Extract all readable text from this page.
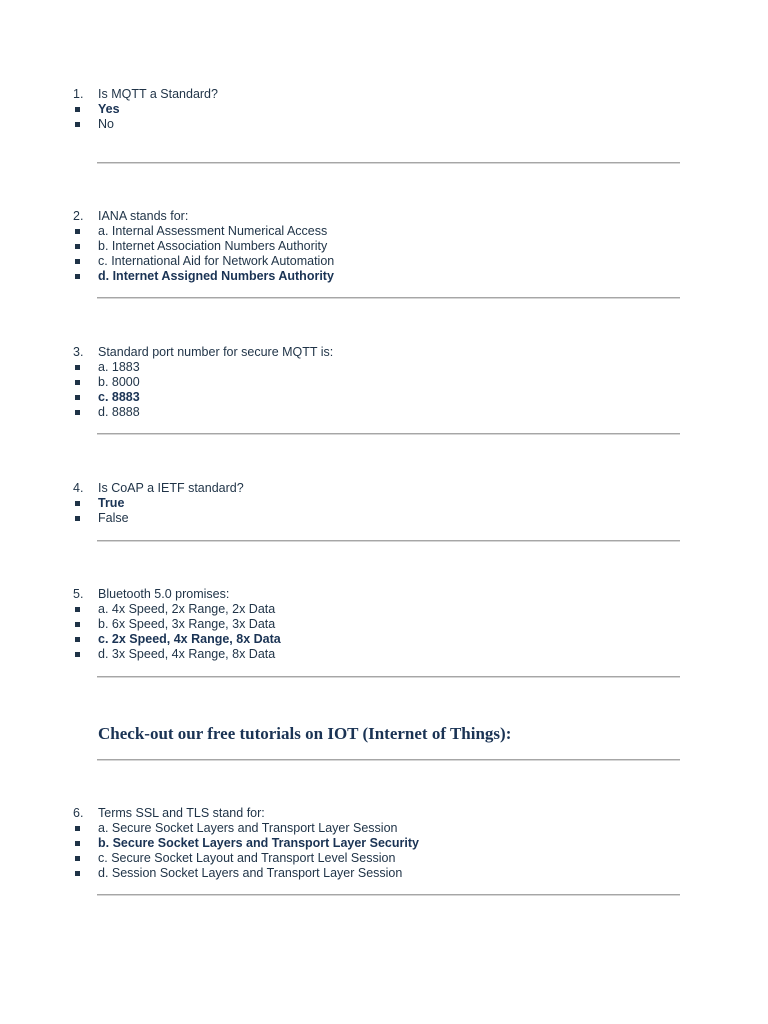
1.	Is MQTT a Standard?
Yes
No
2.	IANA stands for:
a. Internal Assessment Numerical Access
b. Internet Association Numbers Authority
c. International Aid for Network Automation
d. Internet Assigned Numbers Authority
3.	Standard port number for secure MQTT is:
a. 1883
b. 8000
c. 8883
d. 8888
4.	Is CoAP a IETF standard?
True
False
5.	Bluetooth 5.0 promises:
a. 4x Speed, 2x Range, 2x Data
b. 6x Speed, 3x Range, 3x Data
c. 2x Speed, 4x Range, 8x Data
d. 3x Speed, 4x Range, 8x Data
Check-out our free tutorials on IOT (Internet of Things):
6.	Terms SSL and TLS stand for:
a. Secure Socket Layers and Transport Layer Session
b. Secure Socket Layers and Transport Layer Security
c. Secure Socket Layout and Transport Level Session
d. Session Socket Layers and Transport Layer Session
